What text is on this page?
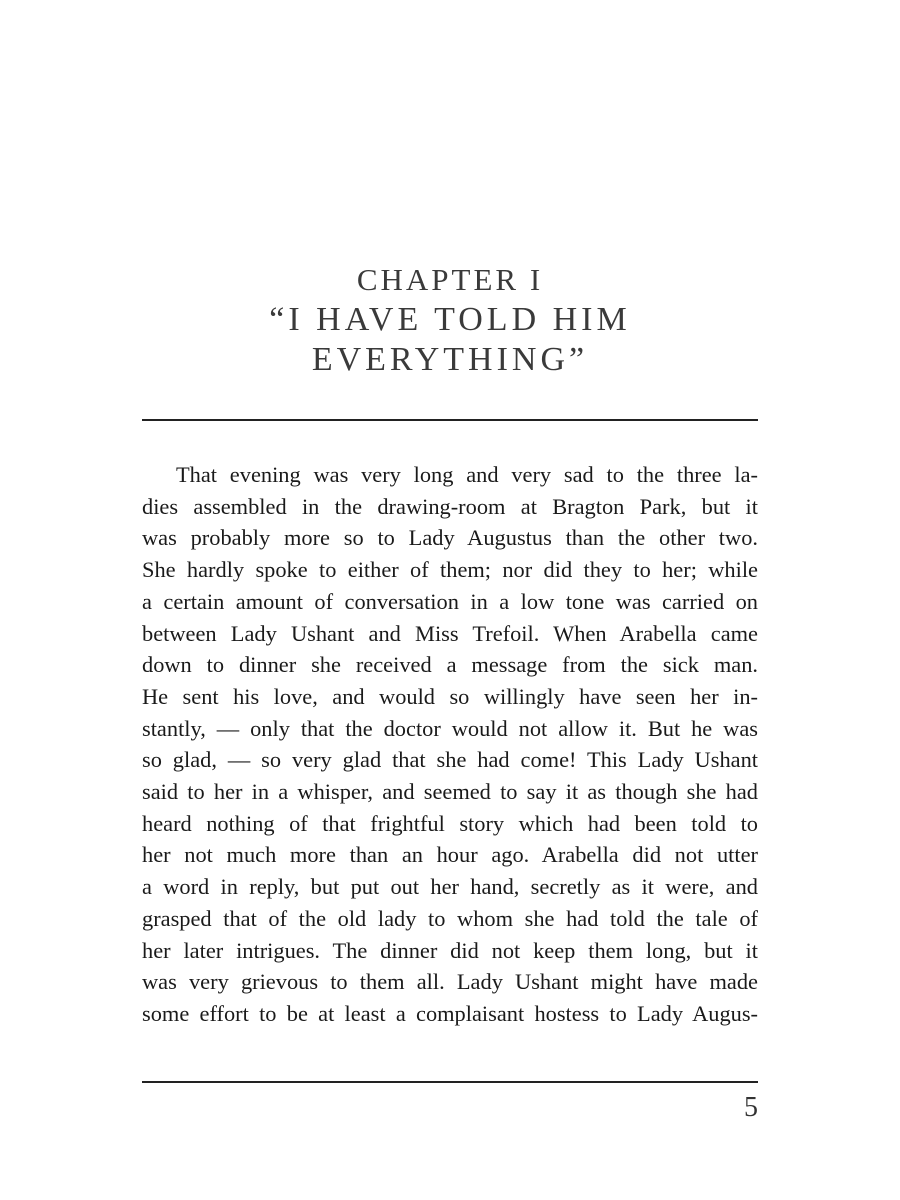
CHAPTER I
“I HAVE TOLD HIM
EVERYTHING”
That evening was very long and very sad to the three la-
dies assembled in the drawing-room at Bragton Park, but it
was probably more so to Lady Augustus than the other two.
She hardly spoke to either of them; nor did they to her; while
a certain amount of conversation in a low tone was carried on
between Lady Ushant and Miss Trefoil. When Arabella came
down to dinner she received a message from the sick man.
He sent his love, and would so willingly have seen her in-
stantly, — only that the doctor would not allow it. But he was
so glad, — so very glad that she had come! This Lady Ushant
said to her in a whisper, and seemed to say it as though she had
heard nothing of that frightful story which had been told to
her not much more than an hour ago. Arabella did not utter
a word in reply, but put out her hand, secretly as it were, and
grasped that of the old lady to whom she had told the tale of
her later intrigues. The dinner did not keep them long, but it
was very grievous to them all. Lady Ushant might have made
some effort to be at least a complaisant hostess to Lady Augus-
5
